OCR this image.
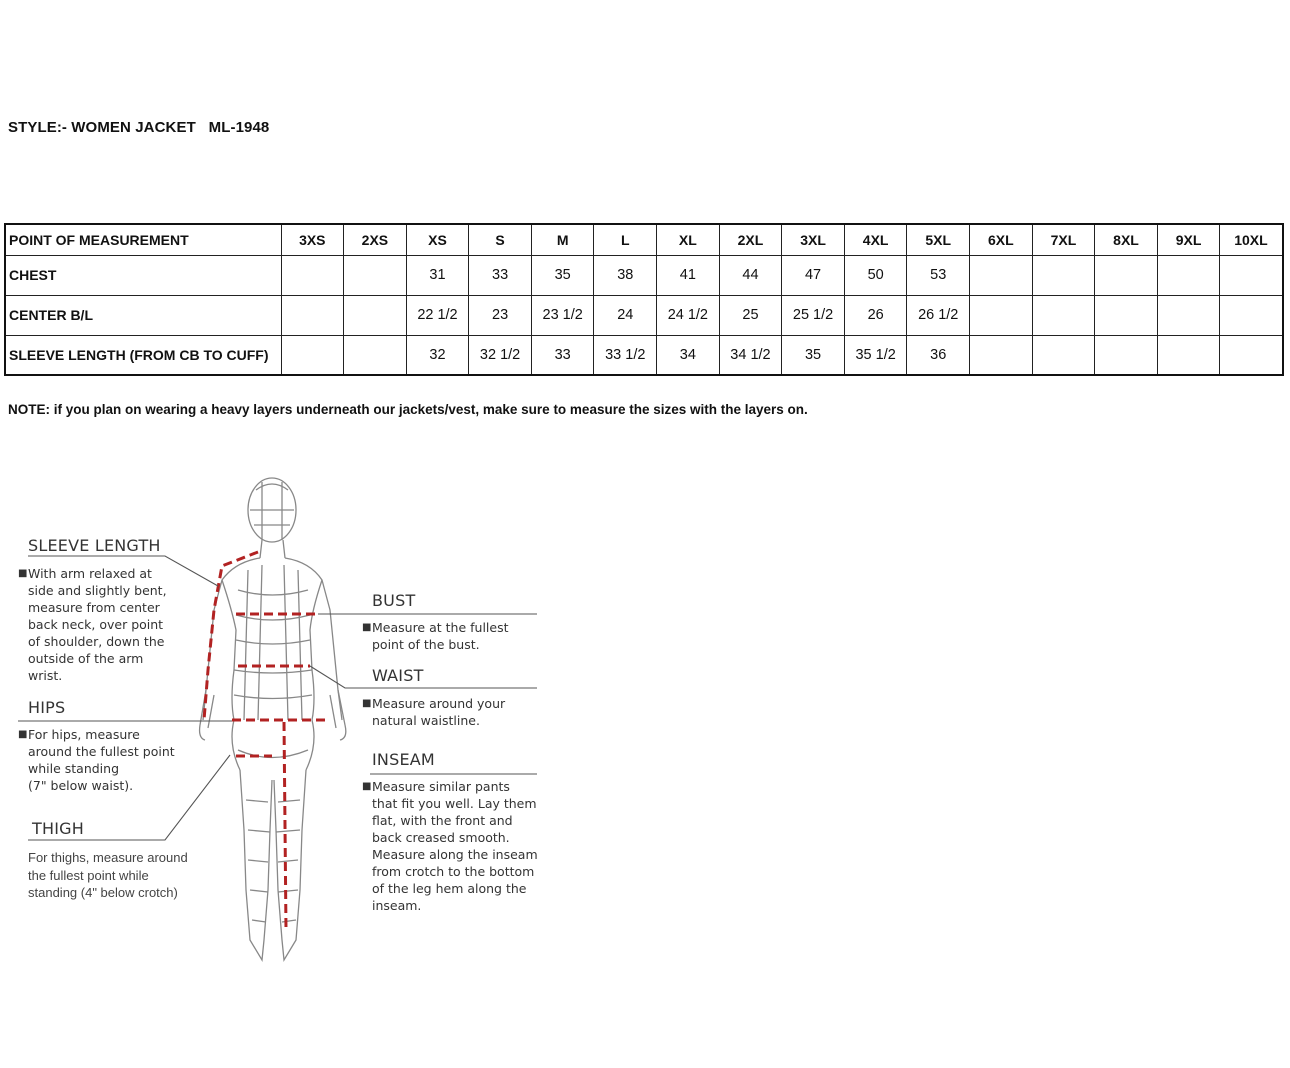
STYLE:- WOMEN JACKET   ML-1948
POINT OF MEASUREMENT	3XS	2XS	XS	S	M	L	XL	2XL	3XL	4XL	5XL	6XL	7XL	8XL	9XL	10XL
CHEST			31	33	35	38	41	44	47	50	53					
CENTER B/L			22 1/2	23	23 1/2	24	24 1/2	25	25 1/2	26	26 1/2					
SLEEVE LENGTH (FROM CB TO CUFF)			32	32 1/2	33	33 1/2	34	34 1/2	35	35 1/2	36					
NOTE: if you plan on wearing a heavy layers underneath our jackets/vest, make sure to measure the sizes with the layers on.
SLEEVE LENGTH
■ With arm relaxed at
side and slightly bent,
measure from center
back neck, over point
of shoulder, down the
outside of the arm
wrist.
HIPS
■ For hips, measure
around the fullest point
while standing
(7" below waist).
THIGH
For thighs, measure around
the fullest point while
standing (4" below crotch)
BUST
■ Measure at the fullest
point of the bust.
WAIST
■ Measure around your
natural waistline.
INSEAM
■ Measure similar pants
that fit you well. Lay them
flat, with the front and
back creased smooth.
Measure along the inseam
from crotch to the bottom
of the leg hem along the
inseam.
